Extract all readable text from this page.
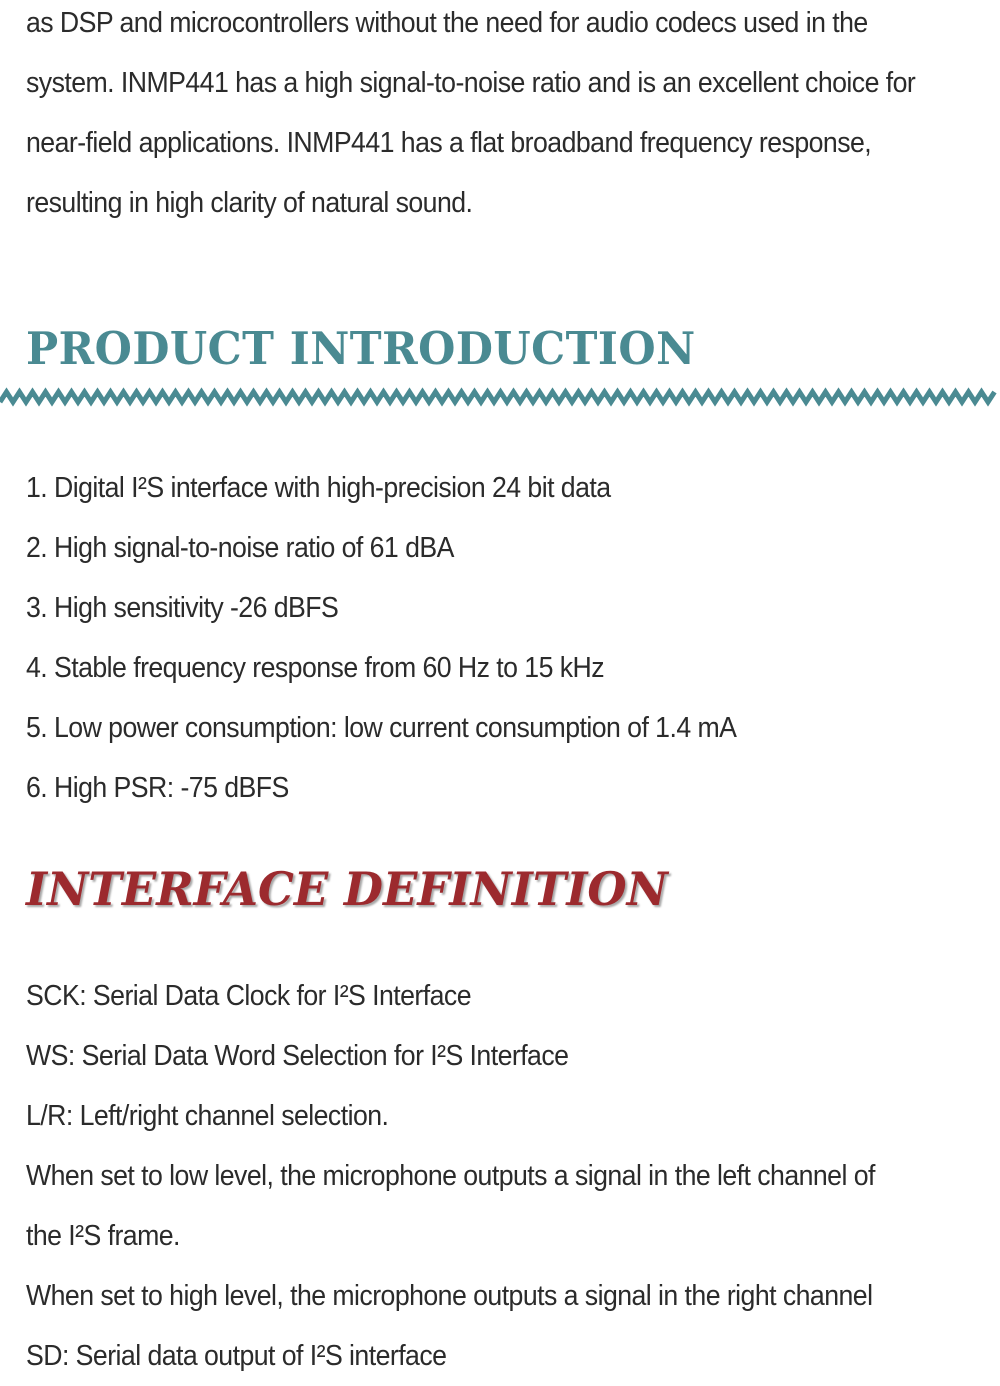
as DSP and microcontrollers without the need for audio codecs used in the
system. INMP441 has a high signal-to-noise ratio and is an excellent choice for
near-field applications. INMP441 has a flat broadband frequency response,
resulting in high clarity of natural sound.
PRODUCT INTRODUCTION
1. Digital I²S interface with high-precision 24 bit data
2. High signal-to-noise ratio of 61 dBA
3. High sensitivity -26 dBFS
4. Stable frequency response from 60 Hz to 15 kHz
5. Low power consumption: low current consumption of 1.4 mA
6. High PSR: -75 dBFS
INTERFACE DEFINITION
SCK: Serial Data Clock for I²S Interface
WS: Serial Data Word Selection for I²S Interface
L/R: Left/right channel selection.
When set to low level, the microphone outputs a signal in the left channel of
the I²S frame.
When set to high level, the microphone outputs a signal in the right channel
SD: Serial data output of I²S interface
